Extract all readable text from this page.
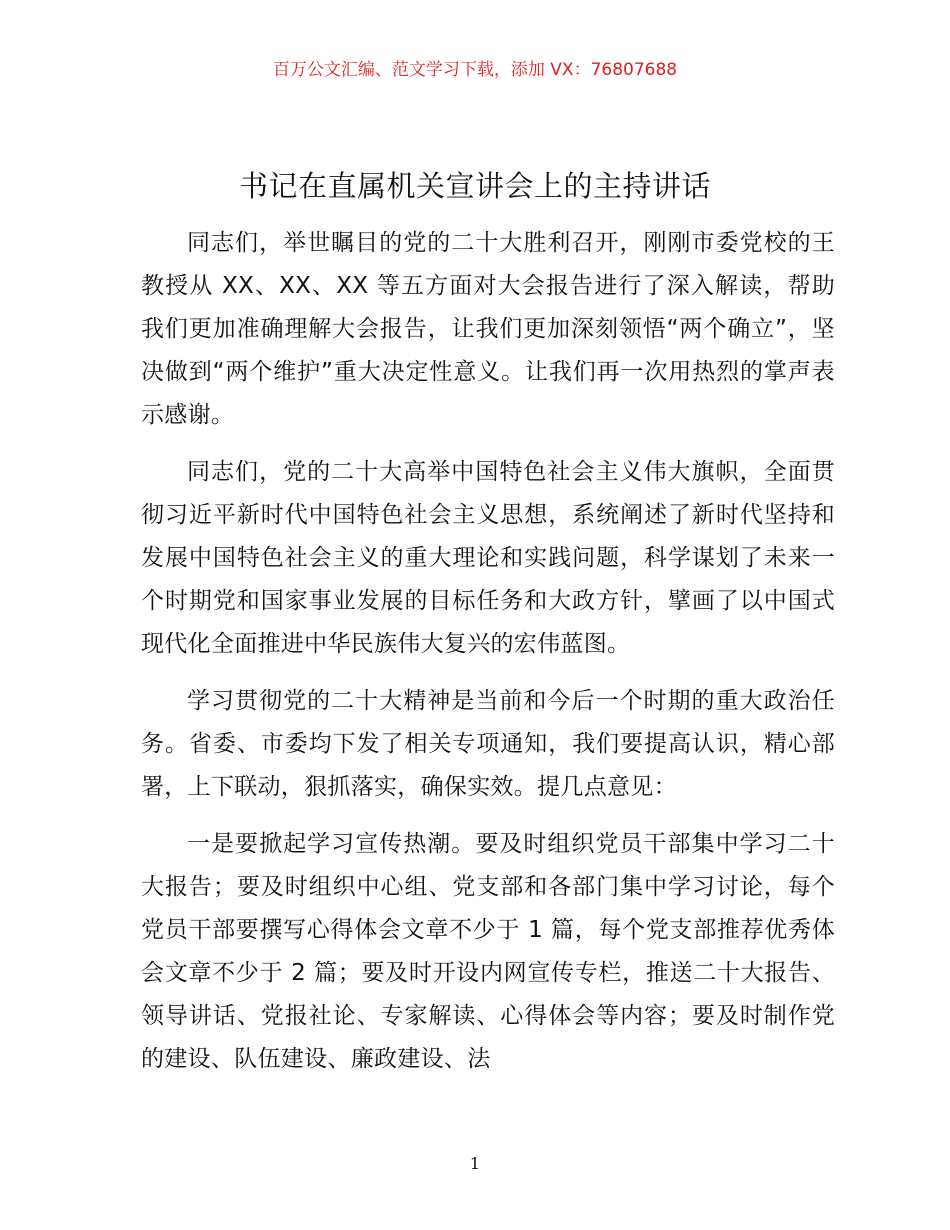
百万公文汇编、范文学习下载，添加 VX：76807688
书记在直属机关宣讲会上的主持讲话

同志们，举世瞩目的党的二十大胜利召开，刚刚市委党校的王教授从 XX、XX、XX 等五方面对大会报告进行了深入解读，帮助我们更加准确理解大会报告，让我们更加深刻领悟“两个确立”，坚决做到“两个维护”重大决定性意义。让我们再一次用热烈的掌声表示感谢。

同志们，党的二十大高举中国特色社会主义伟大旗帜，全面贯彻习近平新时代中国特色社会主义思想，系统阐述了新时代坚持和发展中国特色社会主义的重大理论和实践问题，科学谋划了未来一个时期党和国家事业发展的目标任务和大政方针，擘画了以中国式现代化全面推进中华民族伟大复兴的宏伟蓝图。

学习贯彻党的二十大精神是当前和今后一个时期的重大政治任务。省委、市委均下发了相关专项通知，我们要提高认识，精心部署，上下联动，狠抓落实，确保实效。提几点意见：

一是要掀起学习宣传热潮。要及时组织党员干部集中学习二十大报告；要及时组织中心组、党支部和各部门集中学习讨论，每个党员干部要撰写心得体会文章不少于 1 篇，每个党支部推荐优秀体会文章不少于 2 篇；要及时开设内网宣传专栏，推送二十大报告、领导讲话、党报社论、专家解读、心得体会等内容；要及时制作党的建设、队伍建设、廉政建设、法

1
